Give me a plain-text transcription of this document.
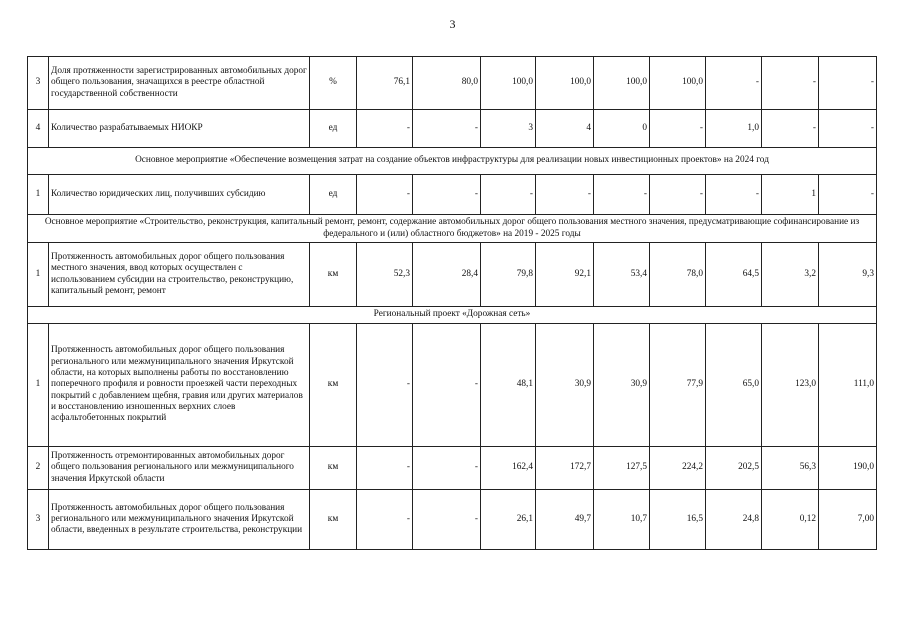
3
3	Доля протяженности зарегистрированных автомобильных дорог общего пользования, значащихся в реестре областной государственной собственности	%	76,1	80,0	100,0	100,0	100,0	100,0	-	-	-
4	Количество разрабатываемых НИОКР	ед	-	-	3	4	0	-	1,0	-	-
Основное мероприятие «Обеспечение возмещения затрат на создание объектов инфраструктуры для реализации новых инвестиционных проектов» на 2024 год											
1	Количество юридических лиц, получивших субсидию	ед	-	-	-	-	-	-	-	1	-
Основное мероприятие «Строительство, реконструкция, капитальный ремонт, ремонт, содержание автомобильных дорог общего пользования местного значения, предусматривающие софинансирование из федерального и (или) областного бюджетов» на 2019 - 2025 годы											
1	Протяженность автомобильных дорог общего пользования местного значения, ввод которых осуществлен с использованием субсидии на строительство, реконструкцию, капитальный ремонт, ремонт	км	52,3	28,4	79,8	92,1	53,4	78,0	64,5	3,2	9,3
Региональный проект «Дорожная сеть»											
1	Протяженность автомобильных дорог общего пользования регионального или межмуниципального значения Иркутской области, на которых выполнены работы по восстановлению поперечного профиля и ровности проезжей части переходных покрытий с добавлением щебня, гравия или других материалов и восстановлению изношенных верхних слоев асфальтобетонных покрытий	км	-	-	48,1	30,9	30,9	77,9	65,0	123,0	111,0
2	Протяженность отремонтированных автомобильных дорог общего пользования регионального или межмуниципального значения Иркутской области	км	-	-	162,4	172,7	127,5	224,2	202,5	56,3	190,0
3	Протяженность автомобильных дорог общего пользования регионального или межмуниципального значения Иркутской области, введенных в результате строительства, реконструкции	км	-	-	26,1	49,7	10,7	16,5	24,8	0,12	7,00
